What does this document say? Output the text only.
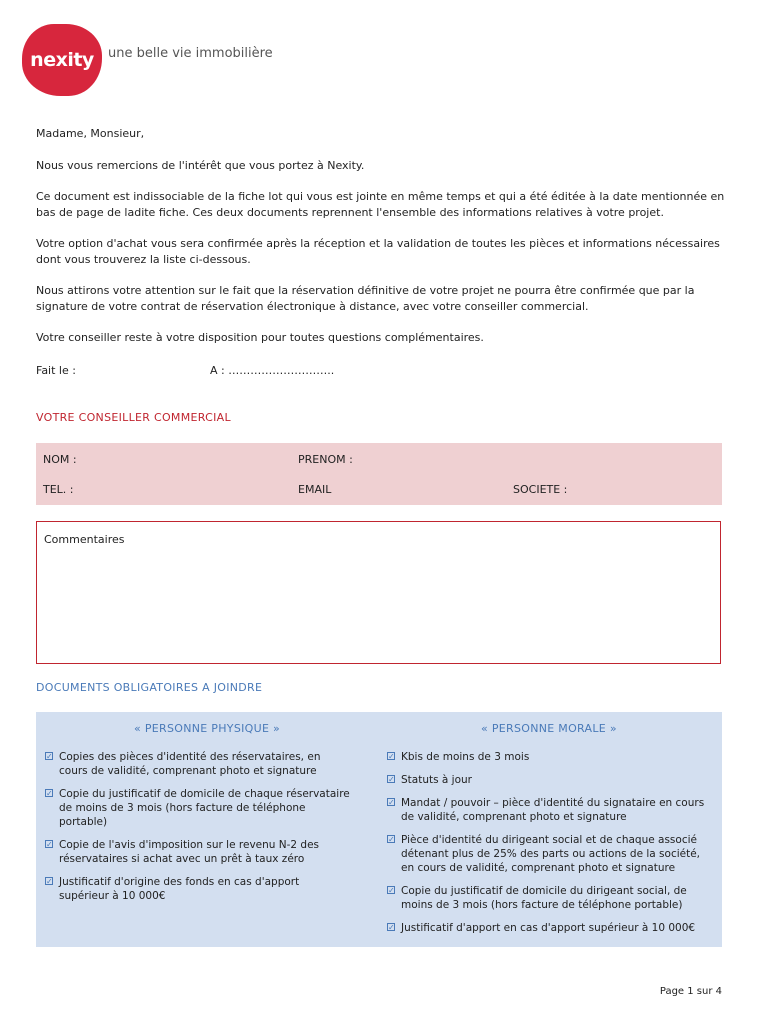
nexity une belle vie immobilière

Madame, Monsieur,

Nous vous remercions de l'intérêt que vous portez à Nexity.

Ce document est indissociable de la fiche lot qui vous est jointe en même temps et qui a été éditée à la date mentionnée en bas de page de ladite fiche. Ces deux documents reprennent l'ensemble des informations relatives à votre projet.

Votre option d'achat vous sera confirmée après la réception et la validation de toutes les pièces et informations nécessaires dont vous trouverez la liste ci-dessous.

Nous attirons votre attention sur le fait que la réservation définitive de votre projet ne pourra être confirmée que par la signature de votre contrat de réservation électronique à distance, avec votre conseiller commercial.

Votre conseiller reste à votre disposition pour toutes questions complémentaires.

Fait le :	A : ………………………..
VOTRE CONSEILLER COMMERCIAL
NOM :	PRENOM :
TEL. :	EMAIL	SOCIETE :
Commentaires
DOCUMENTS OBLIGATOIRES A JOINDRE
« PERSONNE PHYSIQUE »	« PERSONNE MORALE »
✓ Copies des pièces d'identité des réservataires, en cours de validité, comprenant photo et signature
✓ Copie du justificatif de domicile de chaque réservataire de moins de 3 mois (hors facture de téléphone portable)
✓ Copie de l'avis d'imposition sur le revenu N-2 des réservataires si achat avec un prêt à taux zéro
✓ Justificatif d'origine des fonds en cas d'apport supérieur à 10 000€
✓ Kbis de moins de 3 mois
✓ Statuts à jour
✓ Mandat / pouvoir – pièce d'identité du signataire en cours de validité, comprenant photo et signature
✓ Pièce d'identité du dirigeant social et de chaque associé détenant plus de 25% des parts ou actions de la société, en cours de validité, comprenant photo et signature
✓ Copie du justificatif de domicile du dirigeant social, de moins de 3 mois (hors facture de téléphone portable)
✓ Justificatif d'apport en cas d'apport supérieur à 10 000€
Page 1 sur 4
